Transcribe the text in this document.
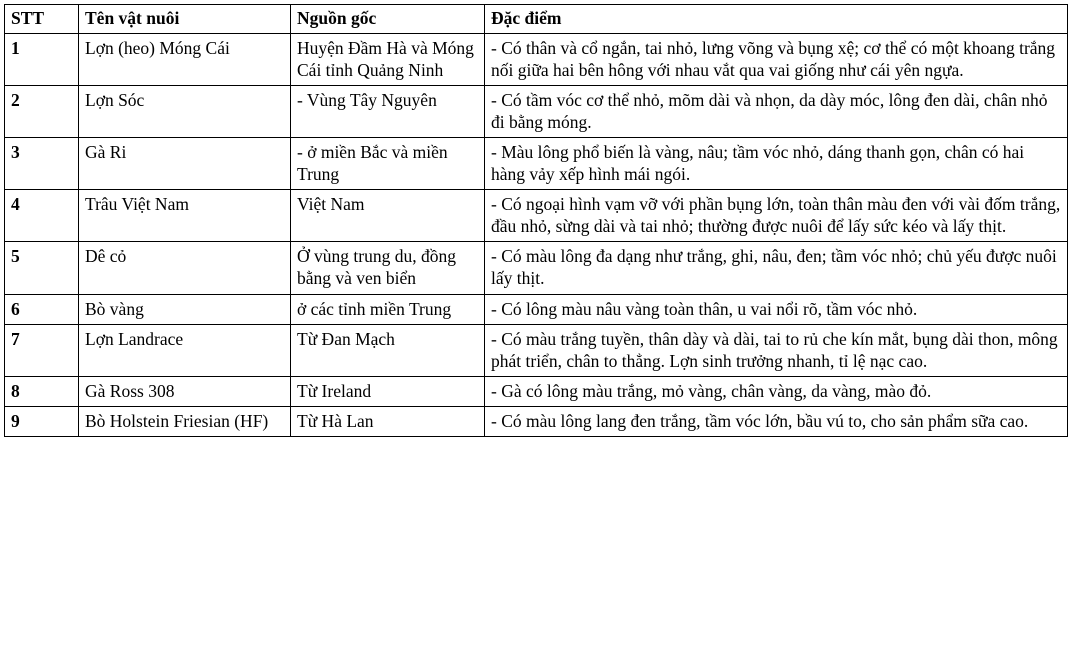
STT	Tên vật nuôi	Nguồn gốc	Đặc điểm
1	Lợn (heo) Móng Cái	Huyện Đầm Hà và Móng Cái tỉnh Quảng Ninh	- Có thân và cổ ngắn, tai nhỏ, lưng võng và bụng xệ; cơ thể có một khoang trắng nối giữa hai bên hông với nhau vắt qua vai giống như cái yên ngựa.
2	Lợn Sóc	- Vùng Tây Nguyên	- Có tầm vóc cơ thể nhỏ, mõm dài và nhọn, da dày móc, lông đen dài, chân nhỏ đi bằng móng.
3	Gà Ri	- ở miền Bắc và miền Trung	- Màu lông phổ biến là vàng, nâu; tầm vóc nhỏ, dáng thanh gọn, chân có hai hàng vảy xếp hình mái ngói.
4	Trâu Việt Nam	Việt Nam	- Có ngoại hình vạm vỡ với phần bụng lớn, toàn thân màu đen với vài đốm trắng, đầu nhỏ, sừng dài và tai nhỏ; thường được nuôi để lấy sức kéo và lấy thịt.
5	Dê cỏ	Ở vùng trung du, đồng bằng và ven biển	- Có màu lông đa dạng như trắng, ghi, nâu, đen; tầm vóc nhỏ; chủ yếu được nuôi lấy thịt.
6	Bò vàng	ở các tỉnh miền Trung	- Có lông màu nâu vàng toàn thân, u vai nổi rõ, tầm vóc nhỏ.
7	Lợn Landrace	Từ Đan Mạch	- Có màu trắng tuyền, thân dày và dài, tai to rủ che kín mắt, bụng dài thon, mông phát triển, chân to thẳng. Lợn sinh trưởng nhanh, tỉ lệ nạc cao.
8	Gà Ross 308	Từ Ireland	- Gà có lông màu trắng, mỏ vàng, chân vàng, da vàng, mào đỏ.
9	Bò Holstein Friesian (HF)	Từ Hà Lan	- Có màu lông lang đen trắng, tầm vóc lớn, bầu vú to, cho sản phẩm sữa cao.
